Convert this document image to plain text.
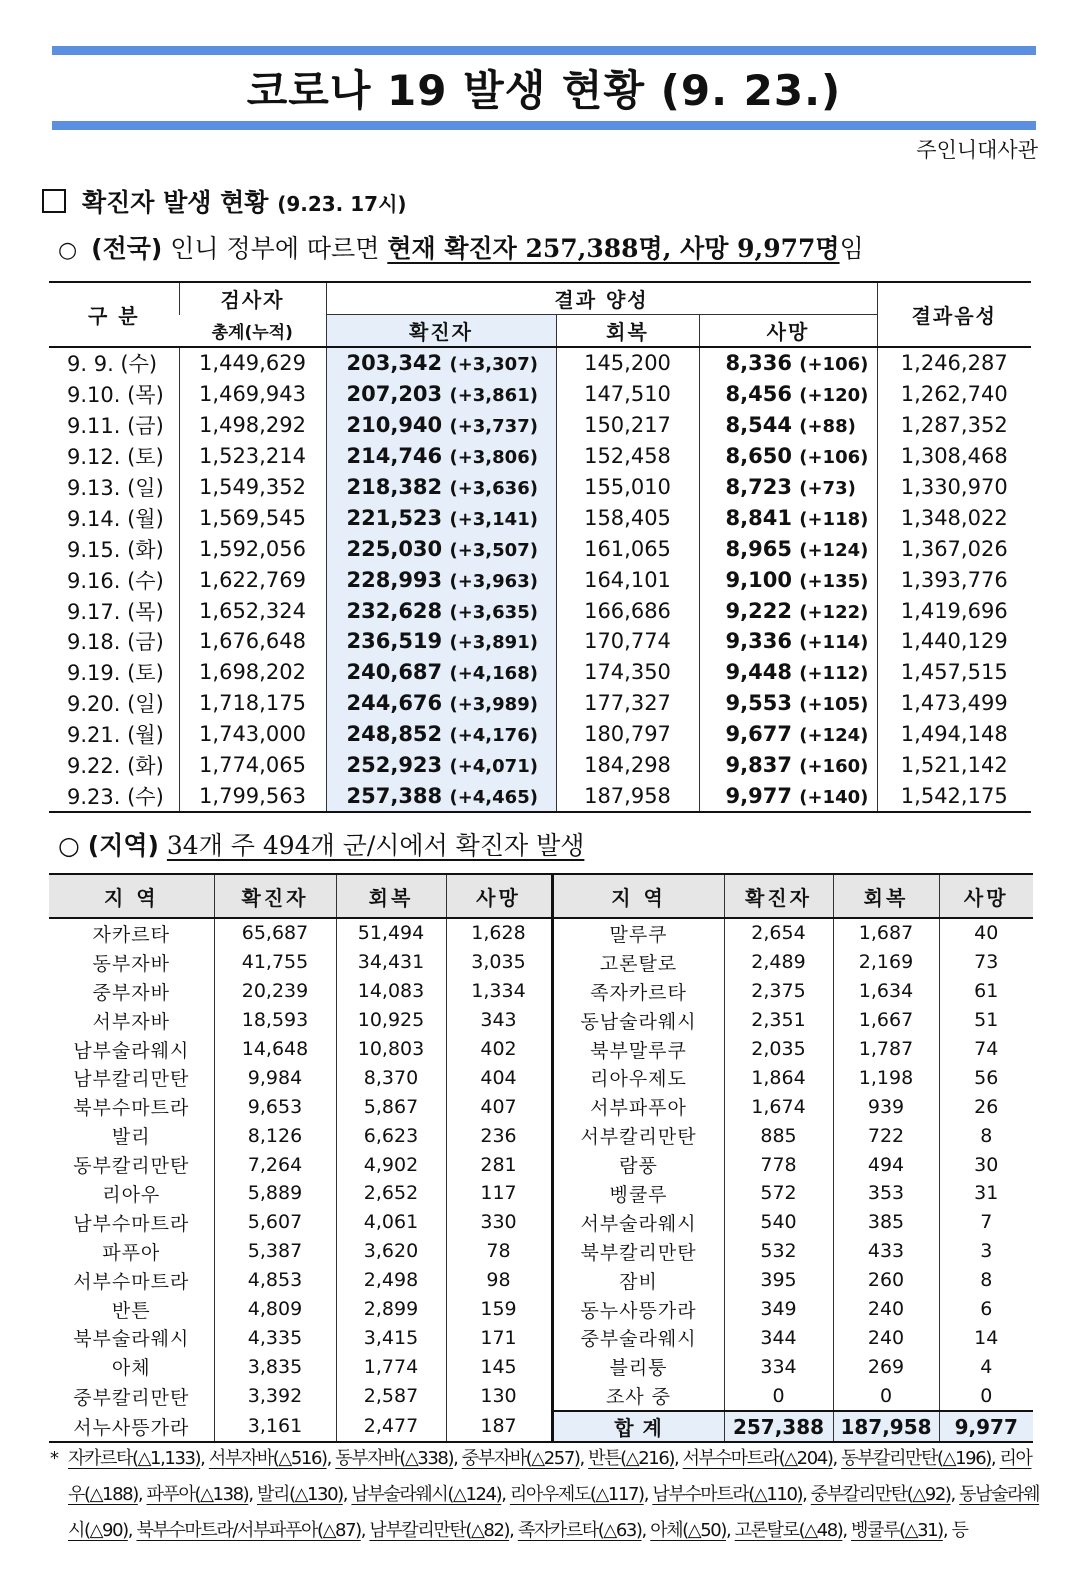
코로나 19 발생 현황 (9. 23.)
주인니대사관
확진자 발생 현황 (9.23. 17시)
○ (전국) 인니 정부에 따르면 현재 확진자 257,388명, 사망 9,977명임
구 분	검사자	결과 양성			결과음성
	총계(누적)	확진자	회복	사망	
9. 9. (수)	1,449,629	203,342 (+3,307)	145,200	8,336 (+106)	1,246,287
9.10. (목)	1,469,943	207,203 (+3,861)	147,510	8,456 (+120)	1,262,740
9.11. (금)	1,498,292	210,940 (+3,737)	150,217	8,544 (+88)	1,287,352
9.12. (토)	1,523,214	214,746 (+3,806)	152,458	8,650 (+106)	1,308,468
9.13. (일)	1,549,352	218,382 (+3,636)	155,010	8,723 (+73)	1,330,970
9.14. (월)	1,569,545	221,523 (+3,141)	158,405	8,841 (+118)	1,348,022
9.15. (화)	1,592,056	225,030 (+3,507)	161,065	8,965 (+124)	1,367,026
9.16. (수)	1,622,769	228,993 (+3,963)	164,101	9,100 (+135)	1,393,776
9.17. (목)	1,652,324	232,628 (+3,635)	166,686	9,222 (+122)	1,419,696
9.18. (금)	1,676,648	236,519 (+3,891)	170,774	9,336 (+114)	1,440,129
9.19. (토)	1,698,202	240,687 (+4,168)	174,350	9,448 (+112)	1,457,515
9.20. (일)	1,718,175	244,676 (+3,989)	177,327	9,553 (+105)	1,473,499
9.21. (월)	1,743,000	248,852 (+4,176)	180,797	9,677 (+124)	1,494,148
9.22. (화)	1,774,065	252,923 (+4,071)	184,298	9,837 (+160)	1,521,142
9.23. (수)	1,799,563	257,388 (+4,465)	187,958	9,977 (+140)	1,542,175
○ (지역) 34개 주 494개 군/시에서 확진자 발생
지 역	확진자	회복	사망	지 역	확진자	회복	사망
자카르타	65,687	51,494	1,628	말루쿠	2,654	1,687	40
동부자바	41,755	34,431	3,035	고론탈로	2,489	2,169	73
중부자바	20,239	14,083	1,334	족자카르타	2,375	1,634	61
서부자바	18,593	10,925	343	동남술라웨시	2,351	1,667	51
남부술라웨시	14,648	10,803	402	북부말루쿠	2,035	1,787	74
남부칼리만탄	9,984	8,370	404	리아우제도	1,864	1,198	56
북부수마트라	9,653	5,867	407	서부파푸아	1,674	939	26
발리	8,126	6,623	236	서부칼리만탄	885	722	8
동부칼리만탄	7,264	4,902	281	람풍	778	494	30
리아우	5,889	2,652	117	벵쿨루	572	353	31
남부수마트라	5,607	4,061	330	서부술라웨시	540	385	7
파푸아	5,387	3,620	78	북부칼리만탄	532	433	3
서부수마트라	4,853	2,498	98	잠비	395	260	8
반튼	4,809	2,899	159	동누사뜽가라	349	240	6
북부술라웨시	4,335	3,415	171	중부술라웨시	344	240	14
아체	3,835	1,774	145	블리퉁	334	269	4
중부칼리만탄	3,392	2,587	130	조사 중	0	0	0
서누사뜽가라	3,161	2,477	187	합 계	257,388	187,958	9,977
* 자카르타(△1,133), 서부자바(△516), 동부자바(△338), 중부자바(△257), 반튼(△216), 서부수마트라(△204), 동부칼리만탄(△196), 리아우(△188), 파푸아(△138), 발리(△130), 남부술라웨시(△124), 리아우제도(△117), 남부수마트라(△110), 중부칼리만탄(△92), 동남술라웨시(△90), 북부수마트라/서부파푸아(△87), 남부칼리만탄(△82), 족자카르타(△63), 아체(△50), 고론탈로(△48), 벵쿨루(△31), 등
